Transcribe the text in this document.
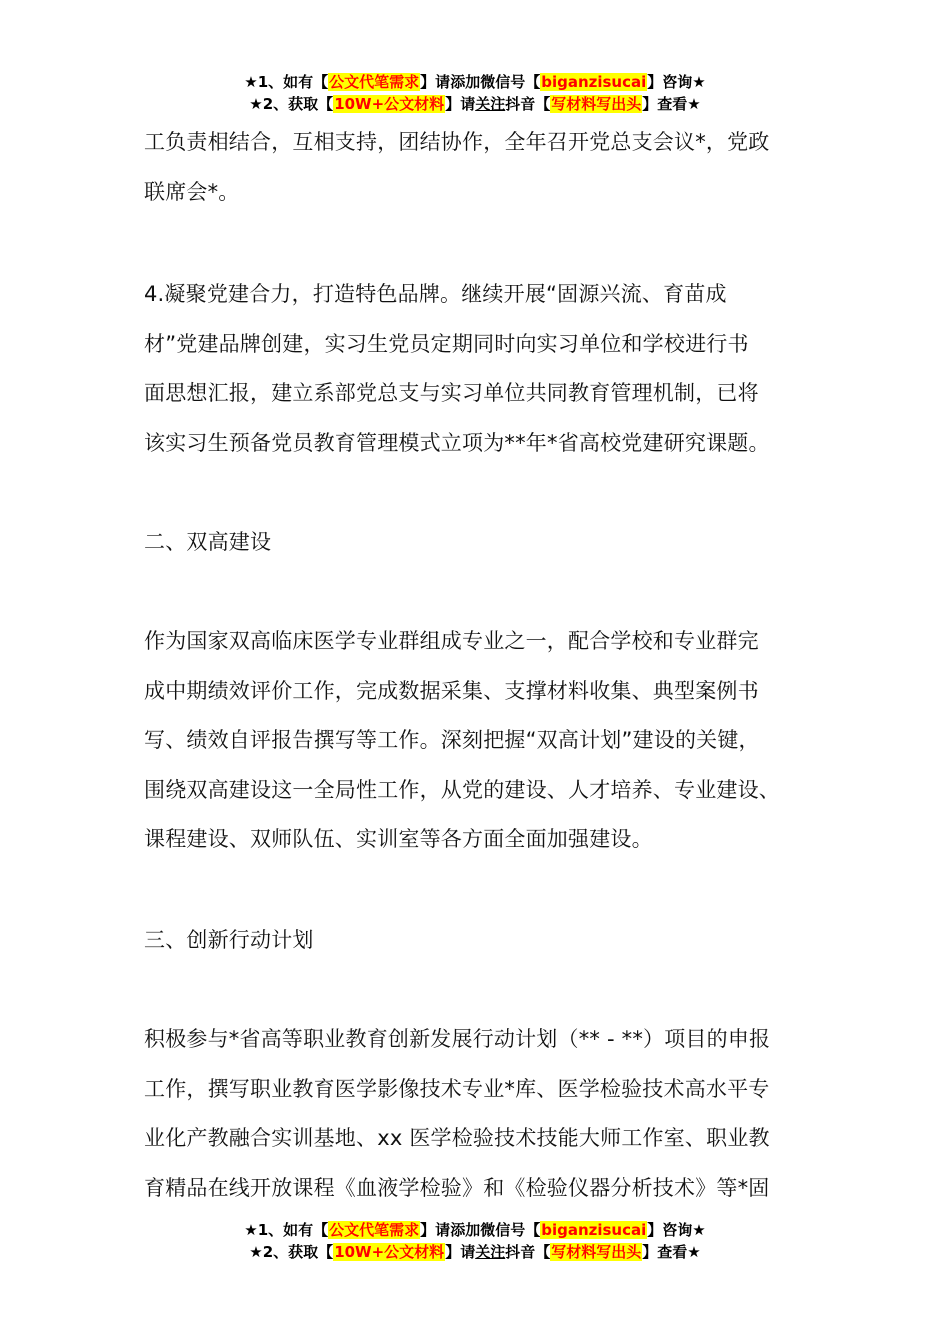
★1、如有【公文代笔需求】请添加微信号【biganzisucai】咨询★
★2、获取【10W+公文材料】请关注抖音【写材料写出头】查看★

工负责相结合，互相支持，团结协作，全年召开党总支会议*，党政

联席会*。

4.凝聚党建合力，打造特色品牌。继续开展“固源兴流、育苗成

材”党建品牌创建，实习生党员定期同时向实习单位和学校进行书

面思想汇报，建立系部党总支与实习单位共同教育管理机制，已将

该实习生预备党员教育管理模式立项为**年*省高校党建研究课题。

二、双高建设

作为国家双高临床医学专业群组成专业之一，配合学校和专业群完

成中期绩效评价工作，完成数据采集、支撑材料收集、典型案例书

写、绩效自评报告撰写等工作。深刻把握“双高计划”建设的关键，

围绕双高建设这一全局性工作，从党的建设、人才培养、专业建设、

课程建设、双师队伍、实训室等各方面全面加强建设。

三、创新行动计划

积极参与*省高等职业教育创新发展行动计划（** - **）项目的申报

工作，撰写职业教育医学影像技术专业*库、医学检验技术高水平专

业化产教融合实训基地、xx 医学检验技术技能大师工作室、职业教

育精品在线开放课程《血液学检验》和《检验仪器分析技术》等*固

★1、如有【公文代笔需求】请添加微信号【biganzisucai】咨询★
★2、获取【10W+公文材料】请关注抖音【写材料写出头】查看★
